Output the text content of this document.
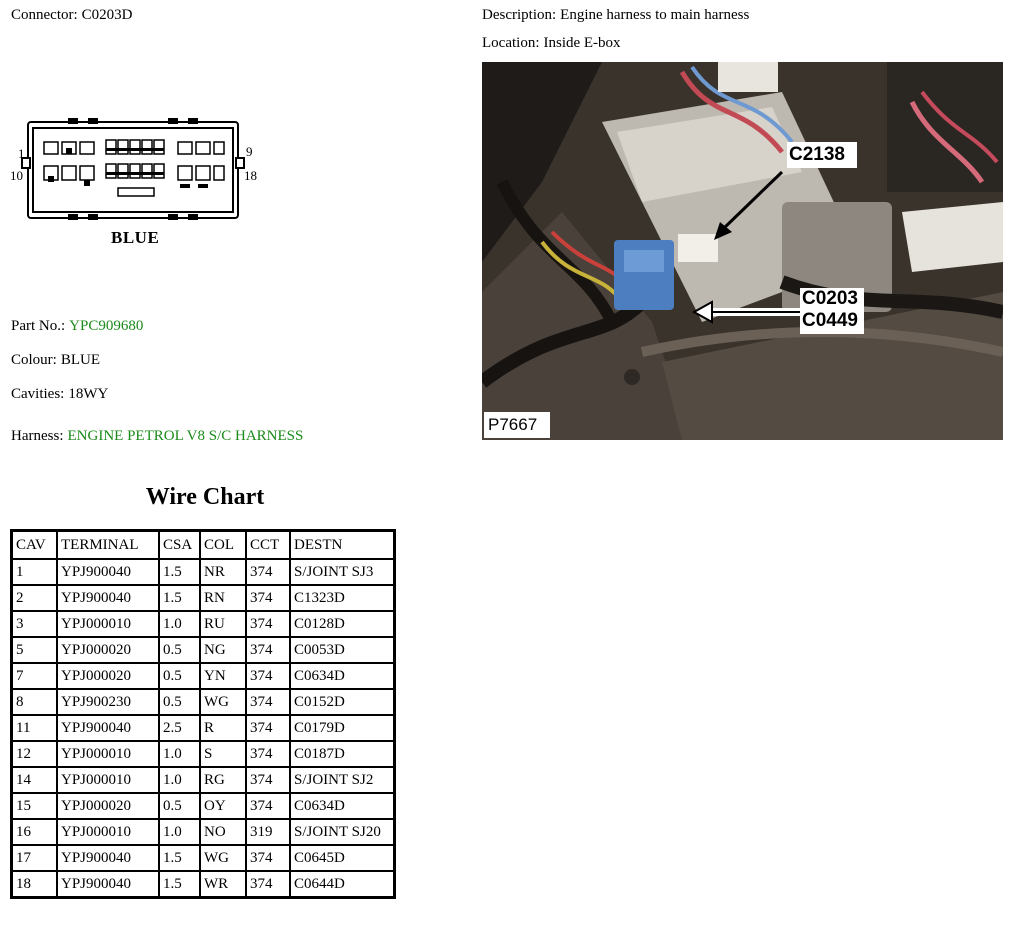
Connector: C0203D	Description: Engine harness to main harness
Location: Inside E-box
1
10
9
18
BLUE
Part No.: YPC909680
Colour: BLUE
Cavities: 18WY
Harness: ENGINE PETROL V8 S/C HARNESS
C2138
C0203
C0449
P7667
Wire Chart
CAV	TERMINAL	CSA	COL	CCT	DESTN
1	YPJ900040	1.5	NR	374	S/JOINT SJ3
2	YPJ900040	1.5	RN	374	C1323D
3	YPJ000010	1.0	RU	374	C0128D
5	YPJ000020	0.5	NG	374	C0053D
7	YPJ000020	0.5	YN	374	C0634D
8	YPJ900230	0.5	WG	374	C0152D
11	YPJ900040	2.5	R	374	C0179D
12	YPJ000010	1.0	S	374	C0187D
14	YPJ000010	1.0	RG	374	S/JOINT SJ2
15	YPJ000020	0.5	OY	374	C0634D
16	YPJ000010	1.0	NO	319	S/JOINT SJ20
17	YPJ900040	1.5	WG	374	C0645D
18	YPJ900040	1.5	WR	374	C0644D
